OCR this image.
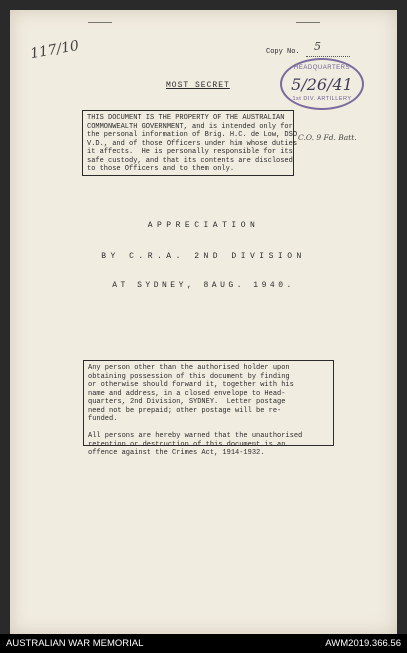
117/10	Copy No. 5
MOST SECRET
HEADQUARTERS
5/26/41
1st DIV. ARTILLERY
THIS DOCUMENT IS THE PROPERTY OF THE AUSTRALIAN
COMMONWEALTH GOVERNMENT, and is intended only for
the personal information of Brig. H.C. de Low, DSO
V.D., and of those Officers under him whose duties
it affects.  He is personally responsible for its
safe custody, and that its contents are disclosed
to those Officers and to them only.
C.O. 9 Fd. Batt.
APPRECIATION
BY C.R.A. 2ND DIVISION
AT SYDNEY, 8AUG. 1940.
Any person other than the authorised holder upon
obtaining possession of this document by finding
or otherwise should forward it, together with his
name and address, in a closed envelope to Head-
quarters, 2nd Division, SYDNEY.  Letter postage
need not be prepaid; other postage will be re-
funded.
All persons are hereby warned that the unauthorised
retention or destruction of this document is an
offence against the Crimes Act, 1914-1932.
AUSTRALIAN WAR MEMORIAL	AWM2019.366.56
